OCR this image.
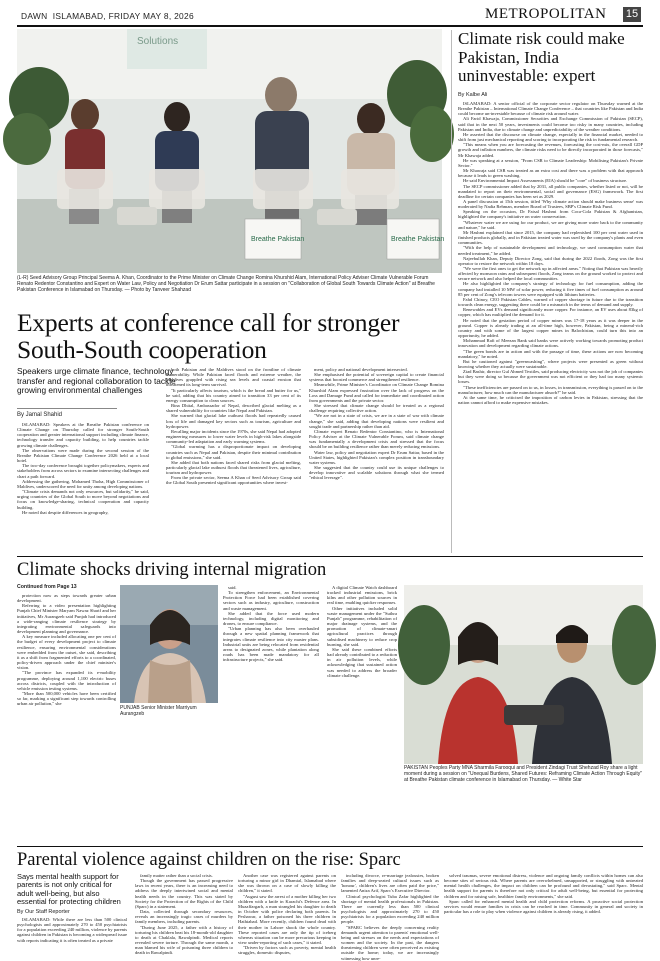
DAWN  ISLAMABAD, FRIDAY MAY 8, 2026	METROPOLITAN 15
Solutions
Breathe Pakistan	Breathe Pakistan
(L-R) Seed Advisory Group Principal Seema A. Khan, Coordinator to the Prime Minister on Climate Change Romina Khurshid Alam, International Policy Adviser Climate Vulnerable Forum Renato Redentor Constantino and Expert on Water Law, Policy and Negotiation Dr Erum Sattar participate in a session on "Collaboration of Global South Towards Climate Action" at Breathe Pakistan Conference in Islamabad on Thursday. — Photo by Tanveer Shahzad
Experts at conference call for stronger South-South cooperation
Speakers urge climate finance, technology transfer and regional collaboration to tackle growing environmental challenges
By Jamal Shahid

ISLAMABAD: Speakers at the Breathe Pakistan conference on Climate Change on Thursday called for stronger South-South cooperation and greater international support including climate finance, technology transfer and capacity building, to help countries tackle growing climate challenges.

The observations were made during the second session of the Breathe Pakistan Climate Change Conference 2026 held at a local hotel.

The two-day conference brought together policymakers, experts and stakeholders from across sectors to examine intersecting challenges and chart a path forward.

Addressing the gathering, Mohamed Thoha, High Commissioner of Maldives, underscored the need for unity among developing nations.

"Climate crisis demands not only resources, but solidarity," he said, urging countries of the Global South to move beyond negotiations and focus on knowledge-sharing, technical cooperation and capacity building.

He noted that despite differences in geography,

both Pakistan and the Maldives stood on the frontline of climate vulnerability. While Pakistan faced floods and extreme weather, the Maldives grappled with rising sea levels and coastal erosion that threatened its long-term survival.

"It particularly affects tourism, which is the bread and butter for us," he said, adding that his country aimed to transition 33 per cent of its energy consumption to clean sources.

Bina Dhital, Ambassador of Nepal, described glacial melting as a shared vulnerability for countries like Nepal and Pakistan.

She warned that glacial lake outburst floods had repeatedly caused loss of life and damaged key sectors such as tourism, agriculture and hydropower.

Recalling major incidents since the 1970s, she said Nepal had adopted engineering measures to lower water levels in high-risk lakes alongside community-led adaptation and early warning systems.

"Global warming has a disproportionate impact on developing countries such as Nepal and Pakistan, despite their minimal contribution to global emissions," she said.

She added that both nations faced shared risks from glacial melting, particularly glacial lake outburst floods that threatened lives, agriculture, tourism and hydropower.

From the private sector, Seema A Khan of Seed Advisory Group said the Global South presented significant opportunities where invest-

ment, policy and national development intersected.

She emphasised the potential of sovereign capital to create financial systems that boosted commerce and strengthened resilience.

Meanwhile, Prime Minister's Coordinator on Climate Change Romina Khurshid Alam expressed frustration over the lack of progress on the Loss and Damage Fund and called for immediate and coordinated action from governments and the private sector.

She stressed that climate change should be treated as a regional challenge requiring collective action.

"We are not in a state of crisis, we are in a state of war with climate change," she said, adding that developing nations were resilient and sought trade and partnership rather than aid.

Climate expert Renato Redentor Constantino, who is International Policy Adviser at the Climate Vulnerable Forum, said climate change was fundamentally a development crisis and stressed that the focus should be on building resilience rather than merely reducing emissions.

Water law, policy and negotiation expert Dr Erum Sattar, based in the United States, highlighted Pakistan's complex position in transboundary water systems.

She suggested that the country could use its unique challenges to develop innovative and scalable solutions through what she termed "ethical leverage".

Climate risk could make Pakistan, India uninvestable: expert
By Kalbe Ali

ISLAMABAD: A senior official of the corporate sector regulator on Thursday warned at the Breathe Pakistan – International Climate Change Conference – that countries like Pakistan and India could become un-investable because of climate risk around water.

Ali Farid Khawaja, Commissioner Securities and Exchange Commission of Pakistan (SECP), said that in the next 50 years, investments could become too risky in many countries, including Pakistan and India, due to climate change and unpredictability of the weather conditions.

He asserted that the discourse on climate change, especially in the financial market, needed to shift from just mechanical reporting and scoring to incorporating the risk in fundamental research.

"This means when you are forecasting the revenues, forecasting the cost-mix, the overall GDP growth and inflation numbers, the climate risks need to be directly incorporated in those forecasts," Mr Khawaja added.

He was speaking at a session, "From CSR to Climate Leadership: Mobilising Pakistan's Private Sector."

Mr Khawaja said CSR was treated as an extra cost and there was a problem with that approach because it leads to green washing.

He said Environmental Impact Assessments (EIA) should be "core" of business structure.

The SECP commissioner added that by 2031, all public companies, whether listed or not, will be mandated to report on their environmental, social and governance (ESG) framework. The first deadline for certain companies has been set as 2029.

A panel discussion at 15th session, titled 'Why climate action should make business sense' was moderated by Nadia Rehman, member Board of Trustees, SBP's Climate Risk Fund.

Speaking on the occasion, Dr Faisal Hashmi from Coca-Cola Pakistan & Afghanistan, highlighted the company's initiative on water conservation.

"Whatever water we are using for our product, we are giving more water back to the community and nature," he said.

Mr Hashmi explained that since 2015, the company had replenished 100 per cent water used in finished products globally, and in Pakistan treated water was used by the company's plants and even communities.

"With the help of sustainable development and technology, we used consumption water that needed treatment," he added.

Najeebullah Khan, Deputy Director Zong, said that during the 2022 floods, Zong was the first operator to restore the network within 18 days.

"We were the first ones to get the network up in affected areas." Noting that Pakistan was heavily affected by monsoon rains and subsequent floods, Zong teams on the ground worked to protect and secure network and also helped the local communities.

He also highlighted the company's strategy of technology for fuel consumption, adding the company had installed 10 MW of solar power, reducing it five times of fuel consumption as around 85 per cent of Zong's telecom towers were equipped with lithium batteries.

Fahd Chinoy, CEO Pakistan Cables, warned of copper shortage in future due to the transition towards clean energy, suggesting there could be a mismatch in the terms of demand and supply.

Renewables and EVs demand significantly more copper. For instance, an EV uses about 83kg of copper, which has multiplied the demand for it.

He noted that the gestation period of copper mines was 17-18 years as it was deeper in the ground. Copper is already trading at an all-time high, however, Pakistan, being a mineral-rich country and with some of the largest copper mines in Balochistan, could turn this into an opportunity, he added.

Mohammad Rafi of Meezan Bank said banks were actively working towards promoting product innovation and development regarding climate actions.

"The green bonds are in action and with the passage of time, these actions are now becoming mandatory," he noted.

But he cautioned against "greenwashing", where projects were presented as green without knowing whether they actually were sustainable.

Ziad Bashir, director Gul Ahmed Textiles, said producing electricity was not the job of companies but they were doing so because the government was not efficient or they had too many systemic losses.

"These inefficiencies are passed on to us, in losses, in transmission, everything is passed on to the manufacturer, how much can the manufacturer absorb?" he said.

At the same time, he criticised the imposition of carbon levies in Pakistan, stressing that the nation cannot afford to make expensive mistakes.

Climate shocks driving internal migration
Continued from Page 13

protection now as steps towards greater urban development.

Referring to a video presentation highlighting Punjab Chief Minister Maryam Nawaz Sharif and her initiatives, Mr Aurangzeb said Punjab had introduced a wide-ranging climate resilience strategy by integrating environmental safeguards into development planning and governance.

A key measure included allocating one per cent of the budget of every development project to climate resilience, ensuring environmental considerations were embedded from the outset, she said, describing it as a shift from fragmented efforts to a coordinated, policy-driven approach under the chief minister's vision.

"The province has expanded its e-mobility programme, deploying around 1,100 electric buses across districts, coupled with the introduction of vehicle emission testing systems.

"More than 500,000 vehicles have been certified so far, marking a significant step towards controlling urban air pollution," she

PUNJAB Senior Minister Marriyum Aurangzeb

said.

To strengthen enforcement, an Environmental Protection Force had been established covering sectors such as industry, agriculture, construction and waste management.

She added that the force used modern technology, including digital monitoring and drones, to ensure compliance.

"Urban planning has also been overhauled through a new spatial planning framework that integrates climate resilience into city master plans. Industrial units are being relocated from residential areas to designated zones, while plantation along roads has been made mandatory for all infrastructure projects," she said.

A digital Climate Watch dashboard tracked industrial emissions, brick kilns and other pollution sources in real time, enabling quicker responses.

Other initiatives included solid waste management under the "Suthra Punjab" programme, rehabilitation of major drainage systems, and the promotion of climate-smart agricultural practices through subsidised machinery to reduce crop burning, she said.

She said these combined efforts had already contributed to a reduction in air pollution levels, while acknowledging that sustained action was needed to address the broader climate challenge.

PAKISTAN Peoples Party MNA Sharmila Farooqui and President Zindagi Trust Shehzad Roy share a light moment during a session on "Unequal Burdens, Shared Futures: Reframing Climate Action Through Equity" at Breathe Pakistan climate conference in Islamabad on Thursday. — White Star
Parental violence against children on the rise: Sparc
Says mental health support for parents is not only critical for adult well-being, but also essential for protecting children
By Our Staff Reporter

ISLAMABAD: While there are less than 500 clinical psychologists and approximately 270 to 450 psychiatrists for a population exceeding 240 million, violence by parents against children in Pakistan is becoming a widespread issue with reports indicating it is often treated as a private

family matter rather than a social crisis.

Though the government has passed progressive laws in recent years, there is an increasing need to address the deeply intertwined social and mental health needs in the country. This was stated by Society for the Protection of the Rights of the Child (Sparc) in a statement.

Data, collected through secondary resources, reveals an increasingly tragic cases of murders by family members, including parents.

"During June 2025, a father with a history of torturing his children beat his 18-month-old daughter to death at Chaklala, Rawalpindi. Medical reports revealed severe torture. Through the same month, a man blamed his wife of poisoning three children to death in Rawalpindi.

Another case was registered against parents on torturing a minor girl in Dhamial, Islamabad where she was thrown on a case of slowly killing the children," it stated.

"August saw the arrest of a mother killing her two children with a knife in Karachi's Defence area. In Muzaffargarh, a man strangled his daughter to death in October with police declaring both parents. In Peshawar, a father poisoned his three children in Hathiabad. More recently, children found dead with their mother in Lahore shook the whole country. These reported cases are only the tip of iceberg whereas situation can be more precarious keeping in view under-reporting of such cases," it stated.

"Driven by factors such as poverty, mental health struggles, domestic disputes,

including divorce, re-marriage jealousies, broken families and deep-seated cultural issues such as 'honour', children's lives are often paid the price," lamented Aniza Arif, Sparc's Executive Director.

Clinical psychologist Tuba Zafar highlighted the shortage of mental health professionals in Pakistan. There are currently less than 500 clinical psychologists and approximately 270 to 450 psychiatrists for a population exceeding 240 million people.

"SPARC believes the deeply concerning reality demands urgent attention to parents' emotional well-being and stresses on the needs and expectations of women and the society. In the past, the dangers threatening children were often perceived as existing outside the home; today, we are increasingly witnessing how unre-

solved traumas, severe emotional distress, violence and ongoing family conflicts within homes can also become sites of serious risk. Where parents are overwhelmed, unsupported, or struggling with untreated mental health challenges, the impact on children can be profound and devastating," said Sparc. Mental health support for parents is therefore not only critical for adult well-being, but essential for protecting children and for raising safe, healthier family environments," she said.

Sparc called for enhanced mental health and child protection reforms. A proactive social protection services would ensure families in crisis can be reached in time. Community in general and society in particular has a role to play when violence against children is already rising, it added.
